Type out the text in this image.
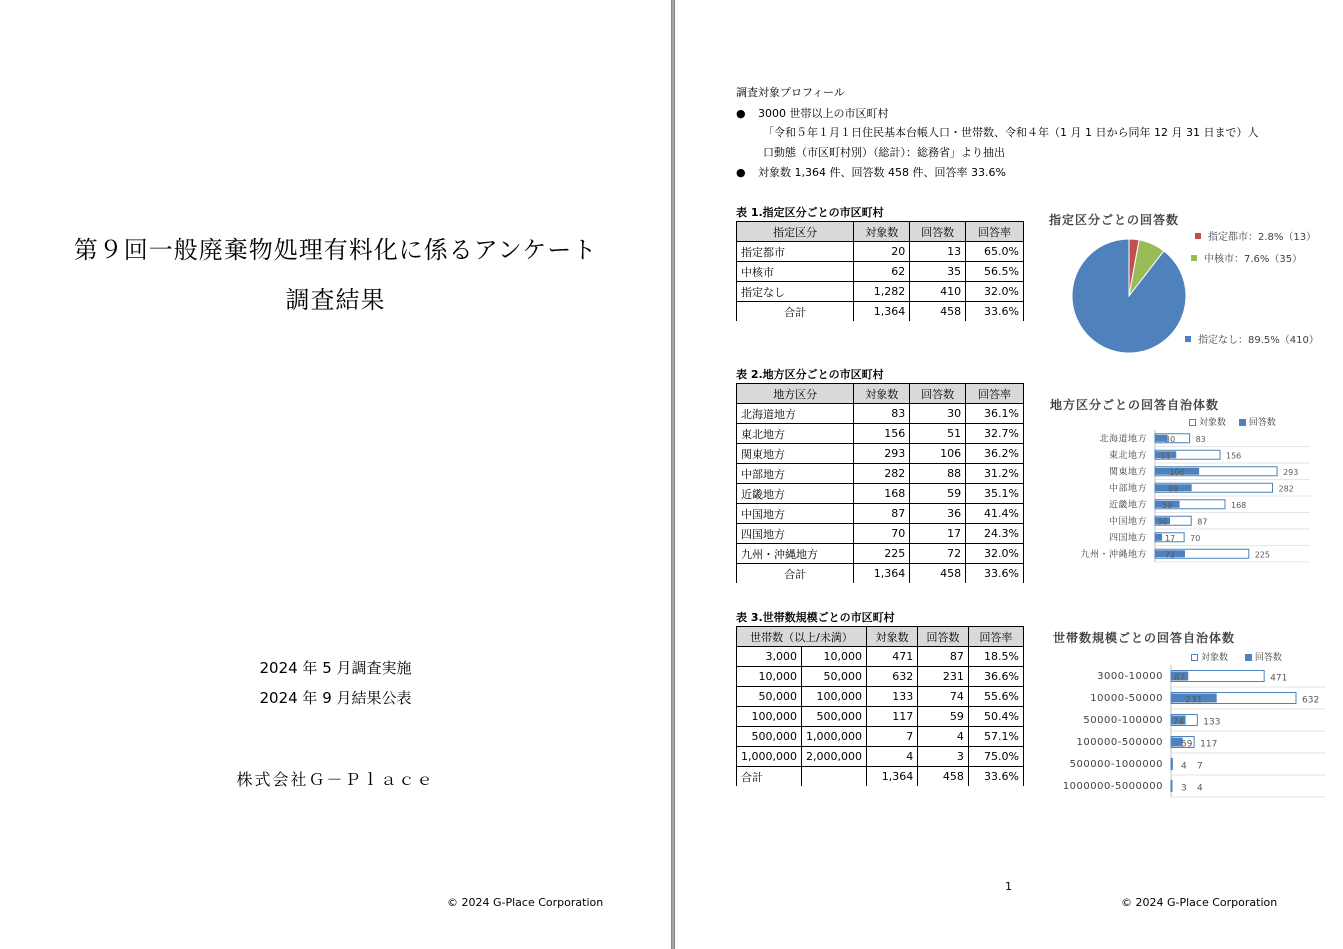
第９回一般廃棄物処理有料化に係るアンケート
調査結果
2024 年 5 月調査実施
2024 年 9 月結果公表
株式会社Ｇ－Ｐｌａｃｅ
© 2024 G-Place Corporation
調査対象プロフィール
● 3000 世帯以上の市区町村
「令和５年１月１日住民基本台帳人口・世帯数、令和４年（1 月 1 日から同年 12 月 31 日まで）人
口動態（市区町村別）（総計）：総務省」より抽出
● 対象数 1,364 件、回答数 458 件、回答率 33.6%
表 1.指定区分ごとの市区町村
指定区分	対象数	回答数	回答率
指定都市	20	13	65.0%
中核市	62	35	56.5%
指定なし	1,282	410	32.0%
合計	1,364	458	33.6%
指定区分ごとの回答数
指定都市：2.8%（13）
中核市：7.6%（35）
指定なし：89.5%（410）
表 2.地方区分ごとの市区町村
地方区分	対象数	回答数	回答率
北海道地方	83	30	36.1%
東北地方	156	51	32.7%
関東地方	293	106	36.2%
中部地方	282	88	31.2%
近畿地方	168	59	35.1%
中国地方	87	36	41.4%
四国地方	70	17	24.3%
九州・沖縄地方	225	72	32.0%
合計	1,364	458	33.6%
地方区分ごとの回答自治体数
対象数	回答数
北海道地方 30	83
東北地方 51	156
関東地方	106	293
中部地方	88	282
近畿地方 59	168
中国地方 36	87
四国地方 17 70
九州・沖縄地方 72	225
表 3.世帯数規模ごとの市区町村
世帯数（以上/未満）		対象数	回答数	回答率
3,000	10,000	471	87	18.5%
10,000	50,000	632	231	36.6%
50,000	100,000	133	74	55.6%
100,000	500,000	117	59	50.4%
500,000	1,000,000	7	4	57.1%
1,000,000	2,000,000	4	3	75.0%
合計		1,364	458	33.6%
世帯数規模ごとの回答自治体数
対象数	回答数
3000-10000 87	471
10000-50000 231	632
50000-100000 74 133
100000-500000 59 117
500000-1000000 4 7
1000000-5000000 3 4
1
© 2024 G-Place Corporation
